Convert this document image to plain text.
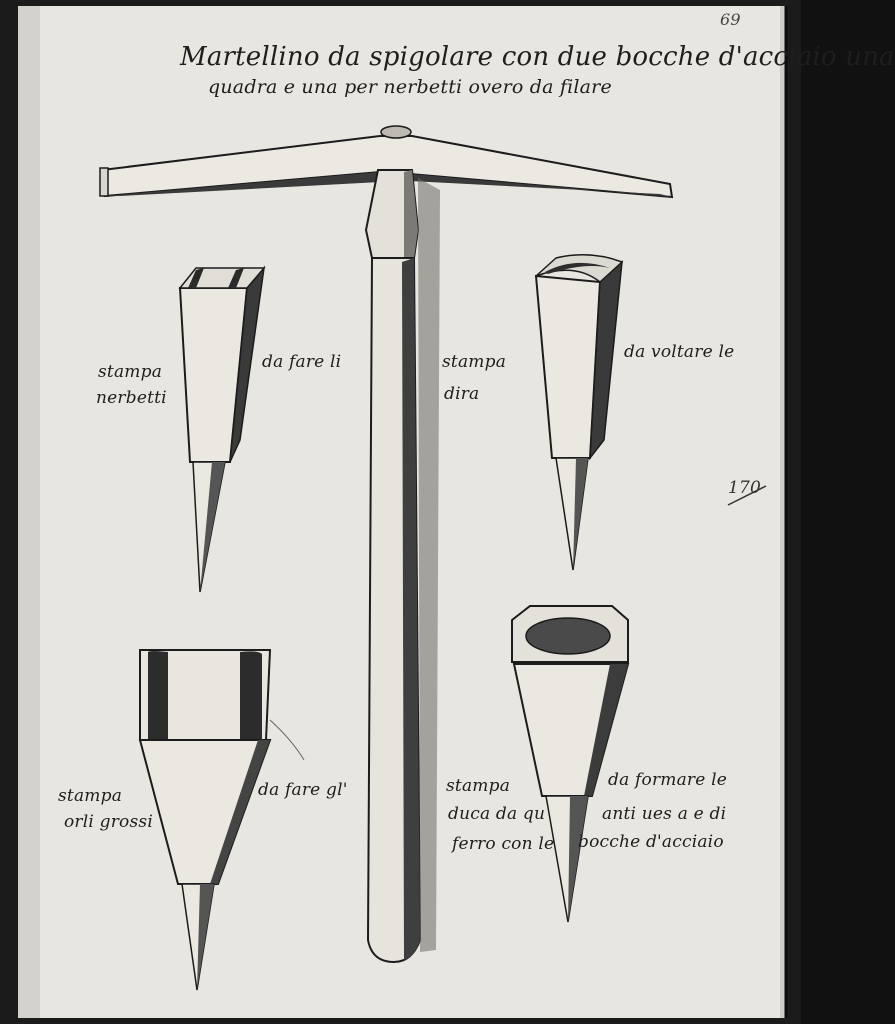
69
Martellino da spigolare con due bocche d'acciaio una
quadra e una per nerbetti overo da filare
stampa
nerbetti
da fare li	stampa
dira
da voltare le
stampa
orli grossi
da fare gl'	stampa
duca da qu
ferro con le
da formare le
anti ues a e di
bocche d'acciaio
170
